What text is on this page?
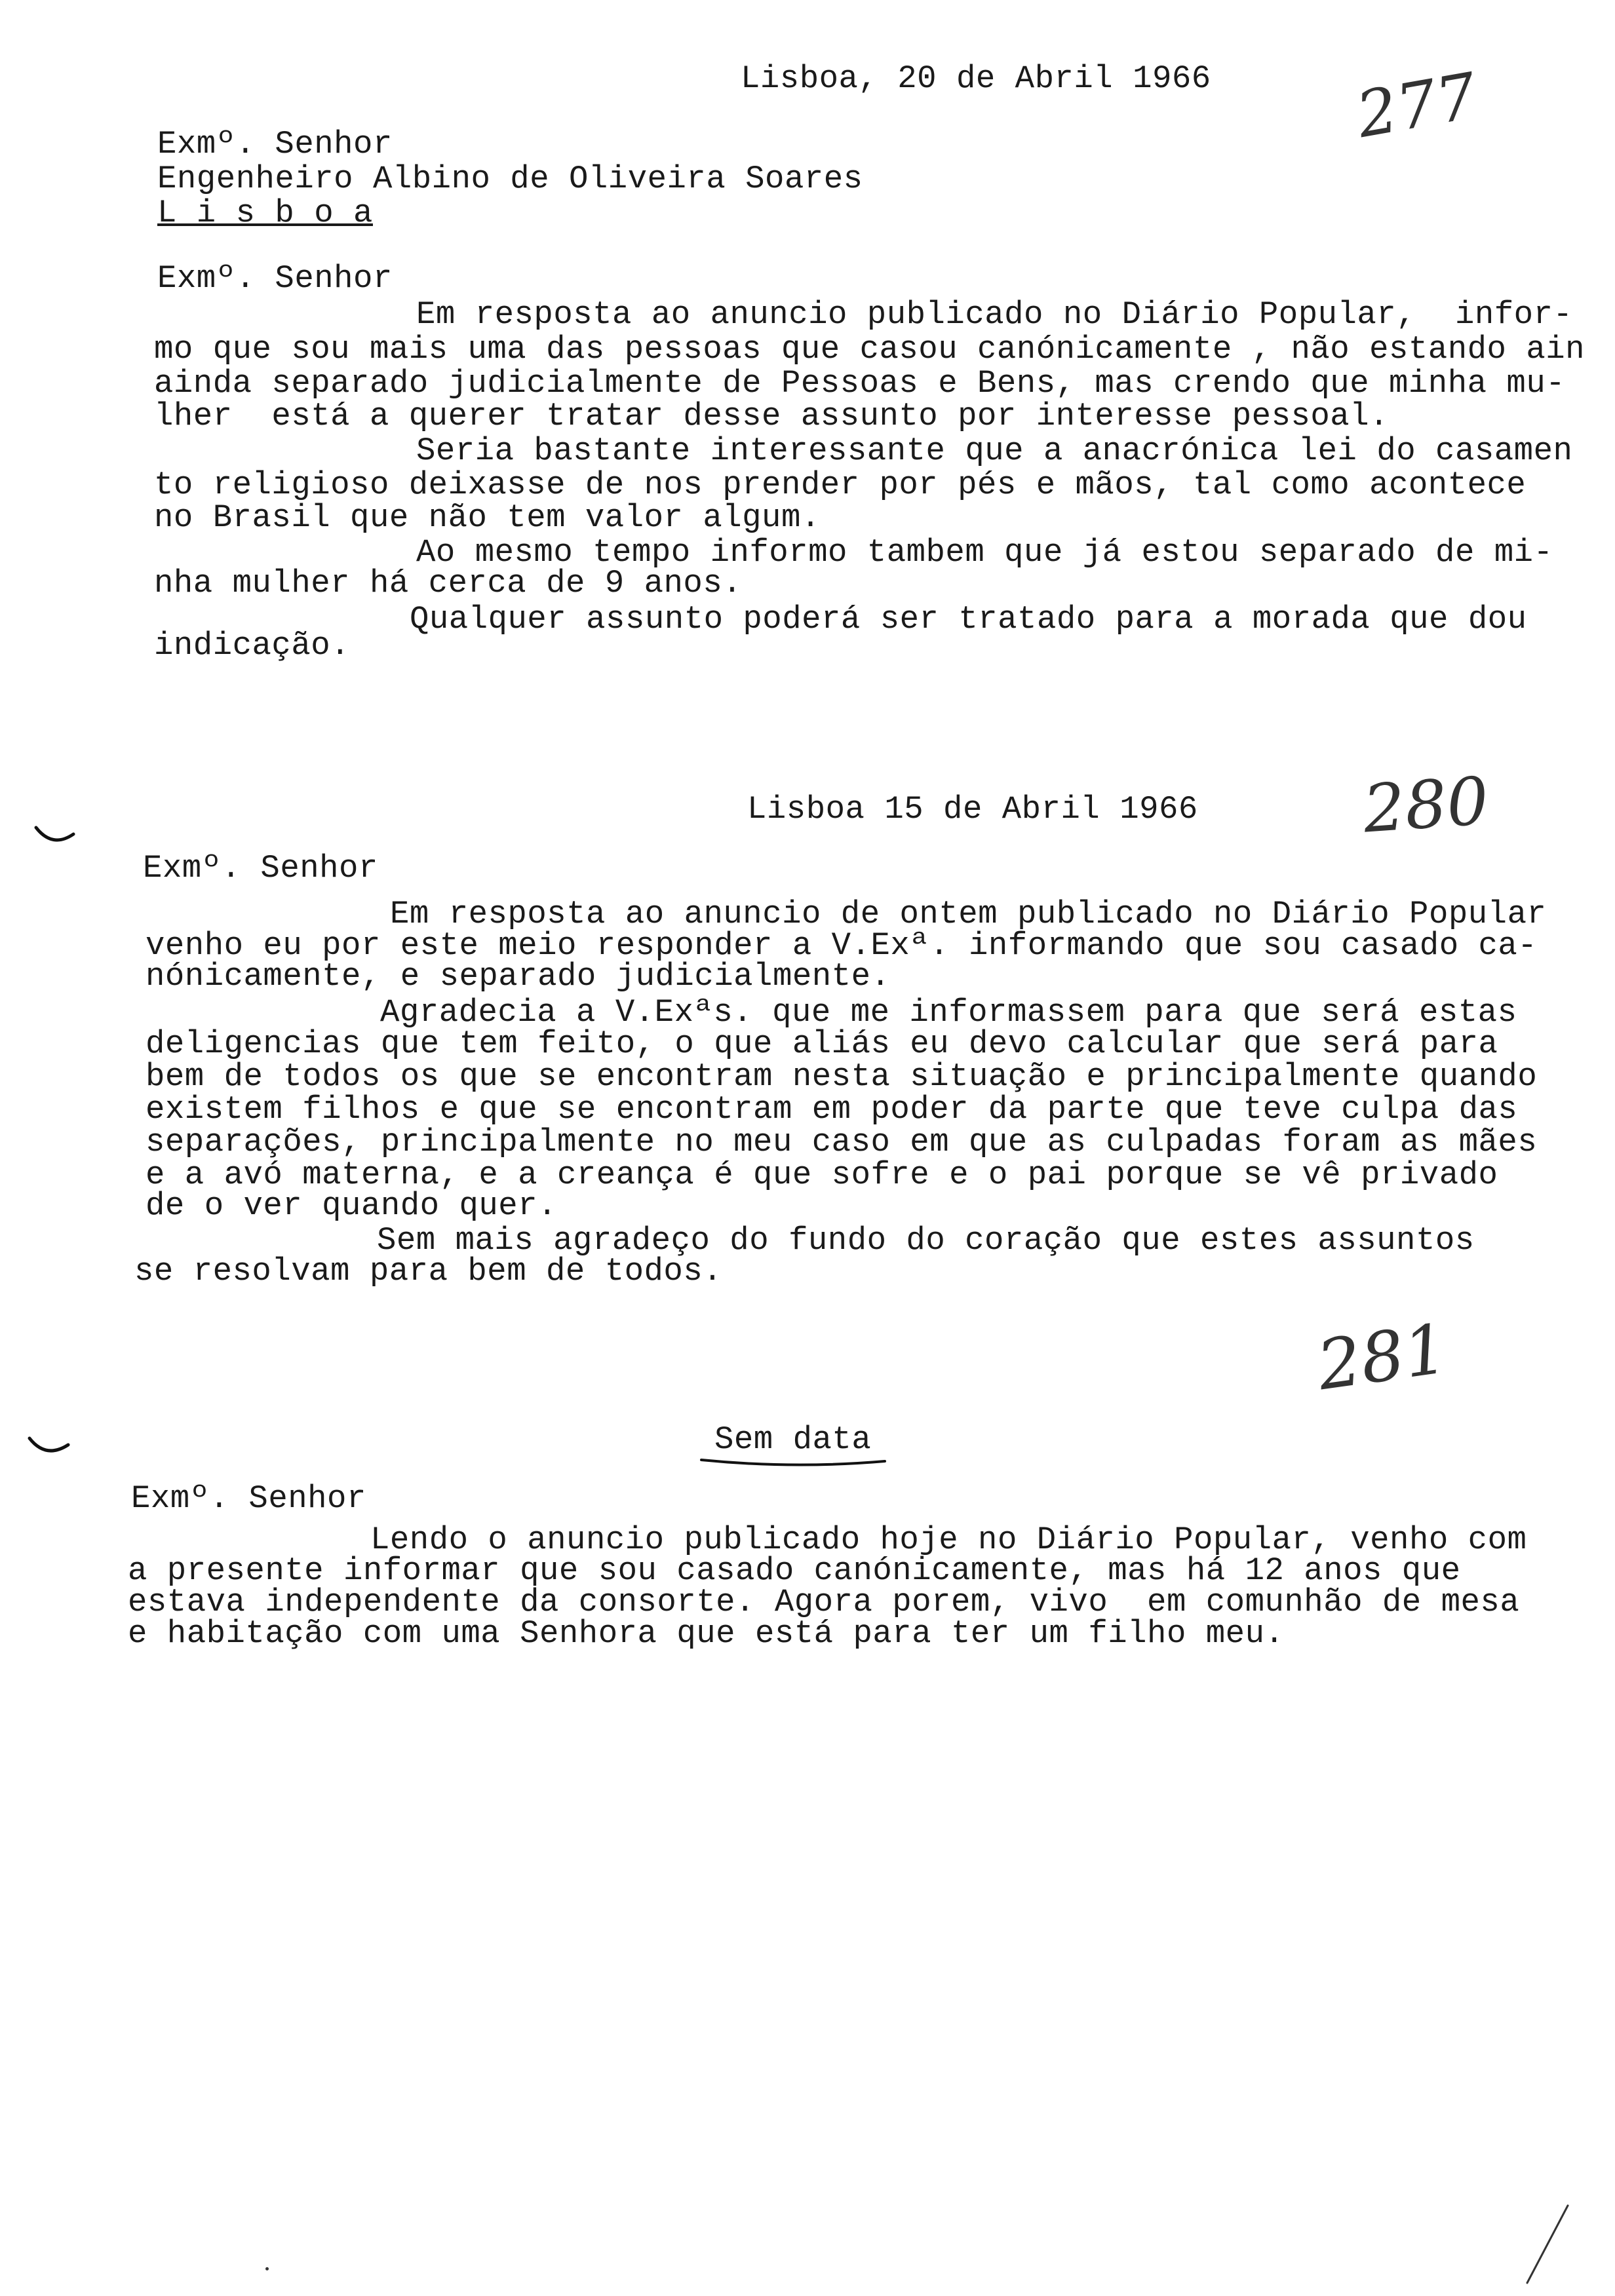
Lisboa, 20 de Abril 1966 277
Exmº. Senhor
Engenheiro Albino de Oliveira Soares
L i s b o a
Exmº. Senhor
Em resposta ao anuncio publicado no Diário Popular,  infor-
mo que sou mais uma das pessoas que casou canónicamente , não estando ain
ainda separado judicialmente de Pessoas e Bens, mas crendo que minha mu-
lher  está a querer tratar desse assunto por interesse pessoal.
Seria bastante interessante que a anacrónica lei do casamen
to religioso deixasse de nos prender por pés e mãos, tal como acontece
no Brasil que não tem valor algum.
Ao mesmo tempo informo tambem que já estou separado de mi-
nha mulher há cerca de 9 anos.
Qualquer assunto poderá ser tratado para a morada que dou
indicação.
Lisboa 15 de Abril 1966 280
Exmº. Senhor
Em resposta ao anuncio de ontem publicado no Diário Popular
venho eu por este meio responder a V.Exª. informando que sou casado ca-
nónicamente, e separado judicialmente.
Agradecia a V.Exªs. que me informassem para que será estas
deligencias que tem feito, o que aliás eu devo calcular que será para
bem de todos os que se encontram nesta situação e principalmente quando
existem filhos e que se encontram em poder da parte que teve culpa das
separações, principalmente no meu caso em que as culpadas foram as mães
e a avó materna, e a creança é que sofre e o pai porque se vê privado
de o ver quando quer.
Sem mais agradeço do fundo do coração que estes assuntos
se resolvam para bem de todos.
281
Sem data
Exmº. Senhor
Lendo o anuncio publicado hoje no Diário Popular, venho com
a presente informar que sou casado canónicamente, mas há 12 anos que
estava independente da consorte. Agora porem, vivo  em comunhão de mesa
e habitação com uma Senhora que está para ter um filho meu.
